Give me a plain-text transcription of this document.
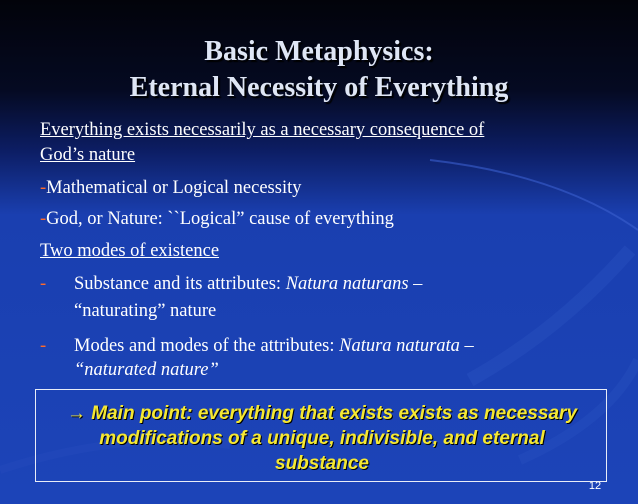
Basic Metaphysics:
Eternal Necessity of Everything
Everything exists necessarily as a necessary consequence of
God’s nature
-Mathematical or Logical necessity
-God, or Nature: ``Logical” cause of everything
Two modes of existence
- Substance and its attributes: Natura naturans –
“naturating” nature
- Modes and modes of the attributes: Natura naturata –
“naturated nature”
→ Main point: everything that exists exists as necessary
modifications of a unique, indivisible, and eternal
substance
12
